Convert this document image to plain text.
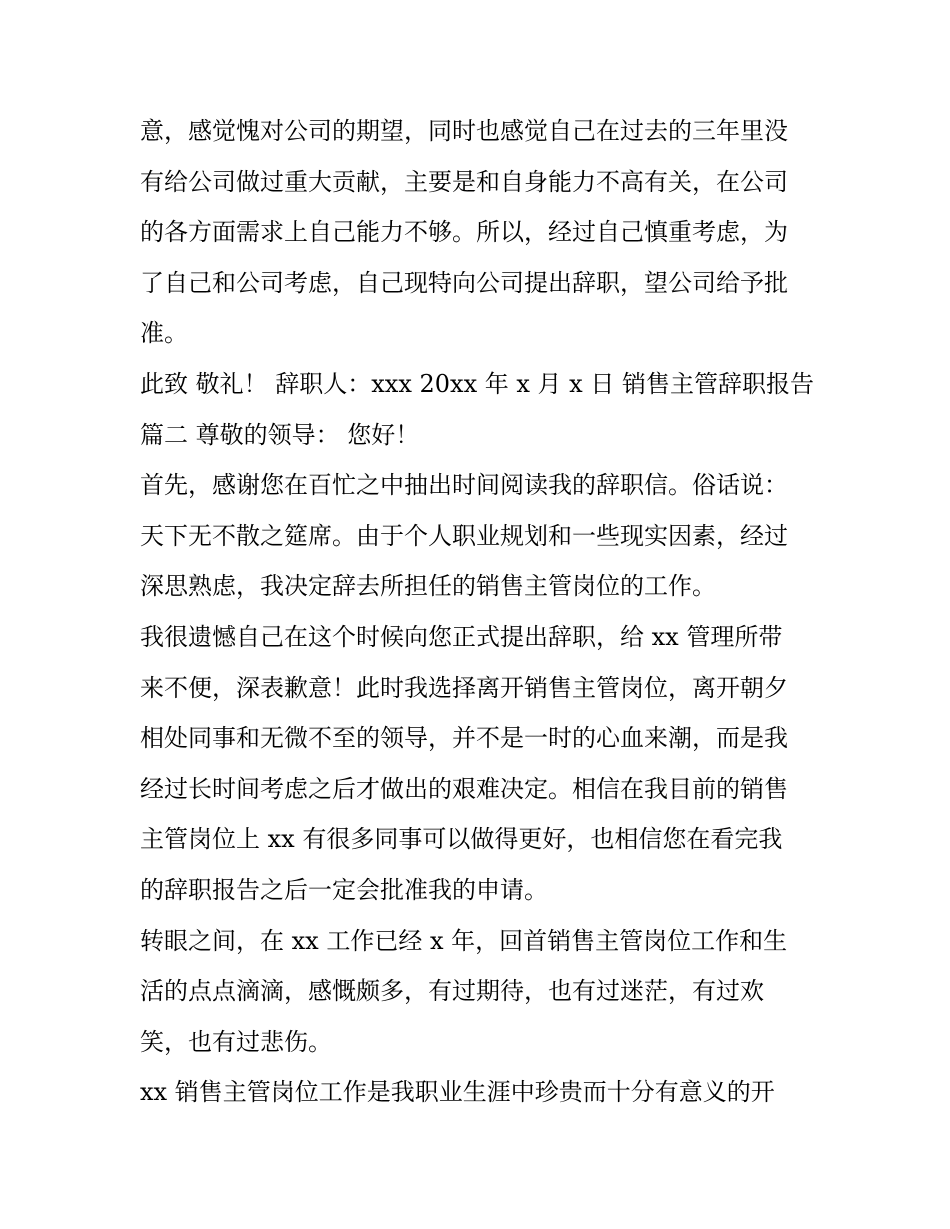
意，感觉愧对公司的期望，同时也感觉自己在过去的三年里没
有给公司做过重大贡献，主要是和自身能力不高有关，在公司
的各方面需求上自己能力不够。所以，经过自己慎重考虑，为
了自己和公司考虑，自己现特向公司提出辞职，望公司给予批
准。
此致 敬礼！ 辞职人：xxx 20xx 年 x 月 x 日 销售主管辞职报告
篇二 尊敬的领导： 您好！
首先，感谢您在百忙之中抽出时间阅读我的辞职信。俗话说：
天下无不散之筵席。由于个人职业规划和一些现实因素，经过
深思熟虑，我决定辞去所担任的销售主管岗位的工作。
我很遗憾自己在这个时候向您正式提出辞职，给 xx 管理所带
来不便，深表歉意！此时我选择离开销售主管岗位，离开朝夕
相处同事和无微不至的领导，并不是一时的心血来潮，而是我
经过长时间考虑之后才做出的艰难决定。相信在我目前的销售
主管岗位上 xx 有很多同事可以做得更好，也相信您在看完我
的辞职报告之后一定会批准我的申请。
转眼之间，在 xx 工作已经 x 年，回首销售主管岗位工作和生
活的点点滴滴，感慨颇多，有过期待，也有过迷茫，有过欢
笑，也有过悲伤。
xx 销售主管岗位工作是我职业生涯中珍贵而十分有意义的开
